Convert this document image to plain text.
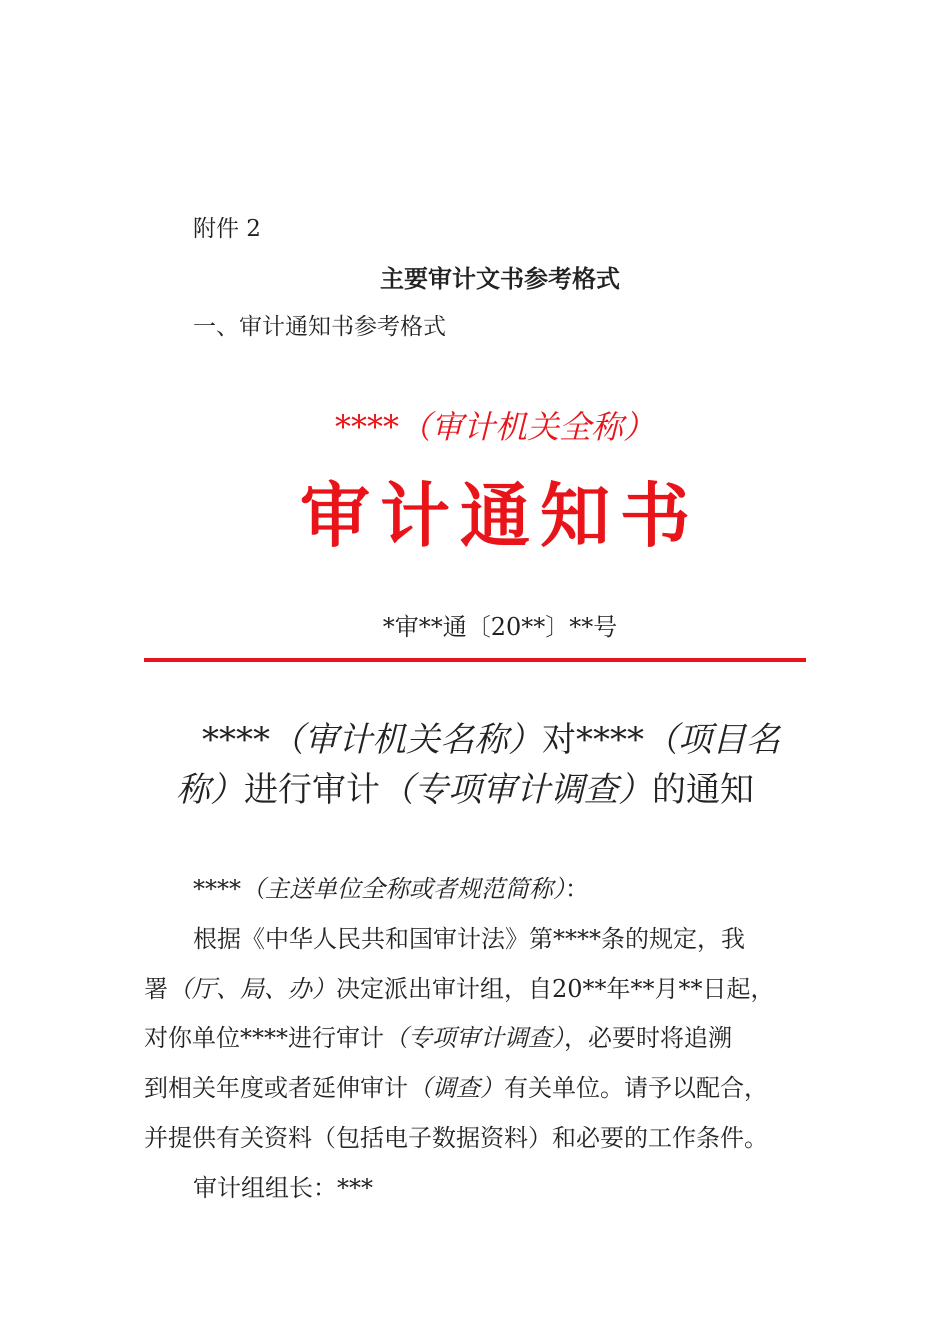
附件 2
主要审计文书参考格式
一、审计通知书参考格式
****（审计机关全称）
审计通知书
*审**通〔20**〕**号
****（审计机关名称）对****（项目名称）进行审计（专项审计调查）的通知
****（主送单位全称或者规范简称）：
根据《中华人民共和国审计法》第****条的规定，我
署（厅、局、办）决定派出审计组，自20**年**月**日起，
对你单位****进行审计（专项审计调查），必要时将追溯
到相关年度或者延伸审计（调查）有关单位。请予以配合，
并提供有关资料（包括电子数据资料）和必要的工作条件。
审计组组长：***
